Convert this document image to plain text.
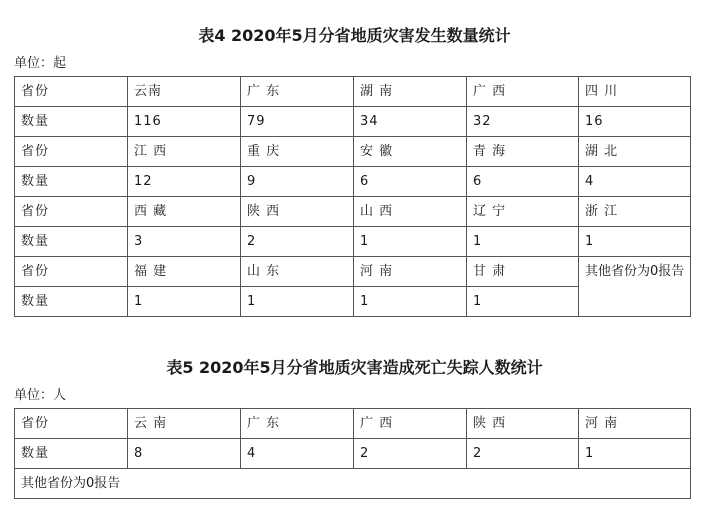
表4 2020年5月分省地质灾害发生数量统计
单位：起
省份	云南	广 东	湖 南	广 西	四 川
数量	116	79	34	32	16
省份	江 西	重 庆	安 徽	青 海	湖 北
数量	12	9	6	6	4
省份	西 藏	陕 西	山 西	辽 宁	浙 江
数量	3	2	1	1	1
省份	福 建	山 东	河 南	甘 肃	其他省份为0报告
数量	1	1	1	1	
表5 2020年5月分省地质灾害造成死亡失踪人数统计
单位：人
省份	云 南	广 东	广 西	陕 西	河 南
数量	8	4	2	2	1
其他省份为0报告					
